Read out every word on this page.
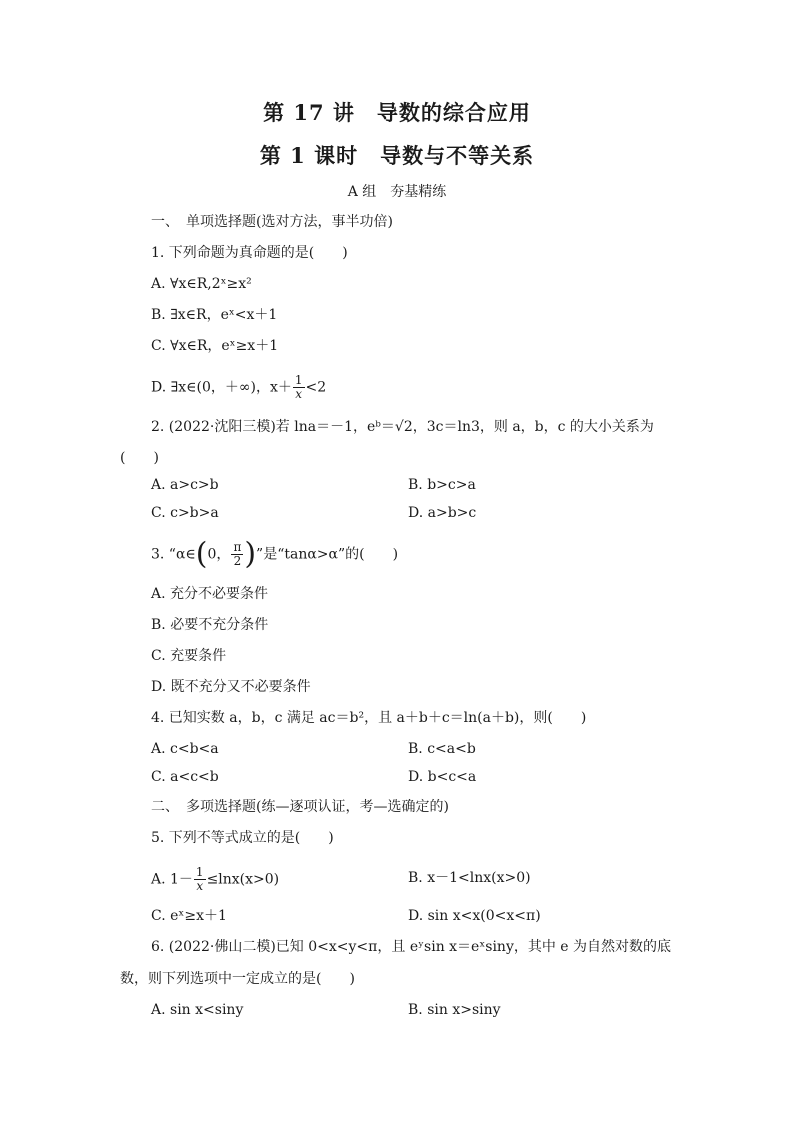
第 17 讲　导数的综合应用
第 1 课时　导数与不等关系
A 组　夯基精练
一、　单项选择题(选对方法，事半功倍)
1. 下列命题为真命题的是(　　)
A. ∀x∈R,2ˣ≥x²
B. ∃x∈R，eˣ<x＋1
C. ∀x∈R，eˣ≥x＋1
D. ∃x∈(0，＋∞)，$x+ \frac{1}{x} <2$
2. (2022·沈阳三模)若 lna＝－1，eᵇ＝√2，3c＝ln3，则 a，b，c 的大小关系为
(　　)
A. a>c>b	B. b>c>a
C. c>b>a	D. a>b>c
3. “α∈(0， $\frac{\pi}{2}$ )”是“tanα>α”的(　　)
A. 充分不必要条件
B. 必要不充分条件
C. 充要条件
D. 既不充分又不必要条件
4. 已知实数 a，b，c 满足 ac＝b²，且 a＋b＋c＝ln(a＋b)，则(　　)
A. c<b<a	B. c<a<b
C. a<c<b	D. b<c<a
二、　多项选择题(练—逐项认证，考—选确定的)
5. 下列不等式成立的是(　　)
A. $1- \frac{1}{x} \le\ln x(x>0)$	B. x－1<lnx(x>0)
C. eˣ≥x＋1	D. sin x<x(0<x<π)
6. (2022·佛山二模)已知 0<x<y<π，且 eʸsin x＝eˣsiny，其中 e 为自然对数的底
数，则下列选项中一定成立的是(　　)
A. sin x<siny	B. sin x>siny
